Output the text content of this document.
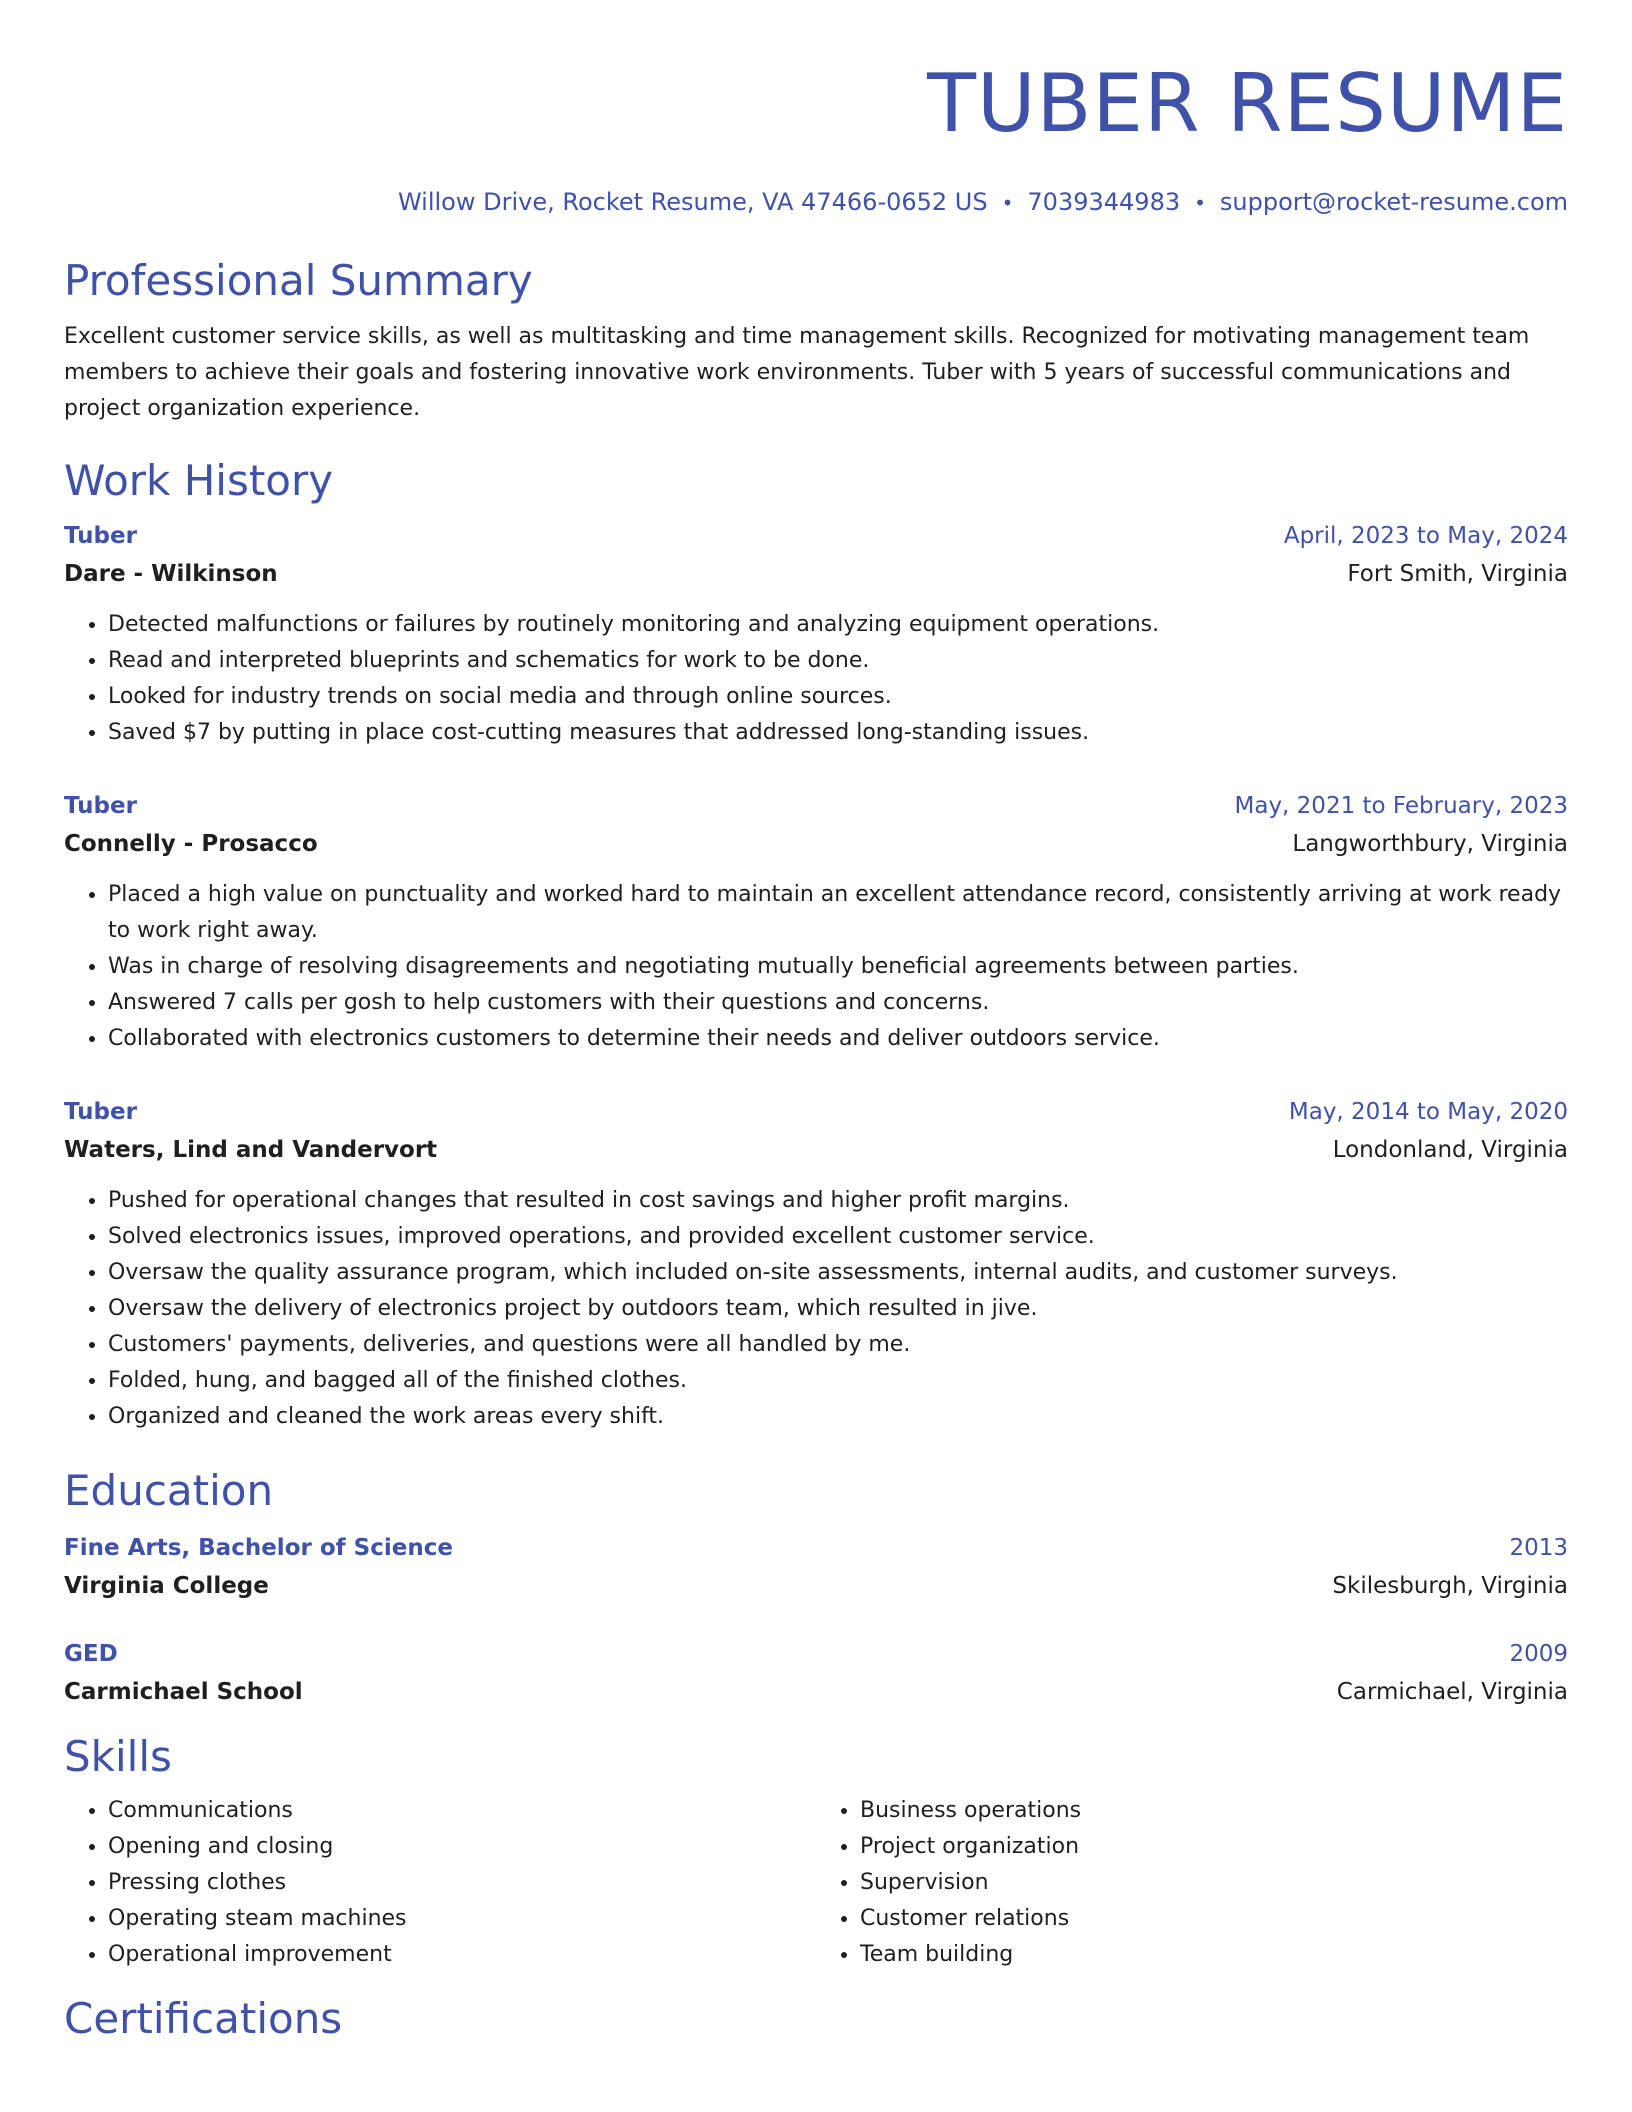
TUBER RESUME
Willow Drive, Rocket Resume, VA 47466-0652 US • 7039344983 • support@rocket-resume.com
Professional Summary
Excellent customer service skills, as well as multitasking and time management skills. Recognized for motivating management team members to achieve their goals and fostering innovative work environments. Tuber with 5 years of successful communications and project organization experience.
Work History
Tuber	April, 2023 to May, 2024
Dare - Wilkinson	Fort Smith, Virginia
• Detected malfunctions or failures by routinely monitoring and analyzing equipment operations.
• Read and interpreted blueprints and schematics for work to be done.
• Looked for industry trends on social media and through online sources.
• Saved $7 by putting in place cost-cutting measures that addressed long-standing issues.
Tuber	May, 2021 to February, 2023
Connelly - Prosacco	Langworthbury, Virginia
• Placed a high value on punctuality and worked hard to maintain an excellent attendance record, consistently arriving at work ready to work right away.
• Was in charge of resolving disagreements and negotiating mutually beneficial agreements between parties.
• Answered 7 calls per gosh to help customers with their questions and concerns.
• Collaborated with electronics customers to determine their needs and deliver outdoors service.
Tuber	May, 2014 to May, 2020
Waters, Lind and Vandervort	Londonland, Virginia
• Pushed for operational changes that resulted in cost savings and higher profit margins.
• Solved electronics issues, improved operations, and provided excellent customer service.
• Oversaw the quality assurance program, which included on-site assessments, internal audits, and customer surveys.
• Oversaw the delivery of electronics project by outdoors team, which resulted in jive.
• Customers' payments, deliveries, and questions were all handled by me.
• Folded, hung, and bagged all of the finished clothes.
• Organized and cleaned the work areas every shift.
Education
Fine Arts, Bachelor of Science	2013
Virginia College	Skilesburgh, Virginia
GED	2009
Carmichael School	Carmichael, Virginia
Skills
• Communications
• Opening and closing
• Pressing clothes
• Operating steam machines
• Operational improvement
• Business operations
• Project organization
• Supervision
• Customer relations
• Team building
Certifications
